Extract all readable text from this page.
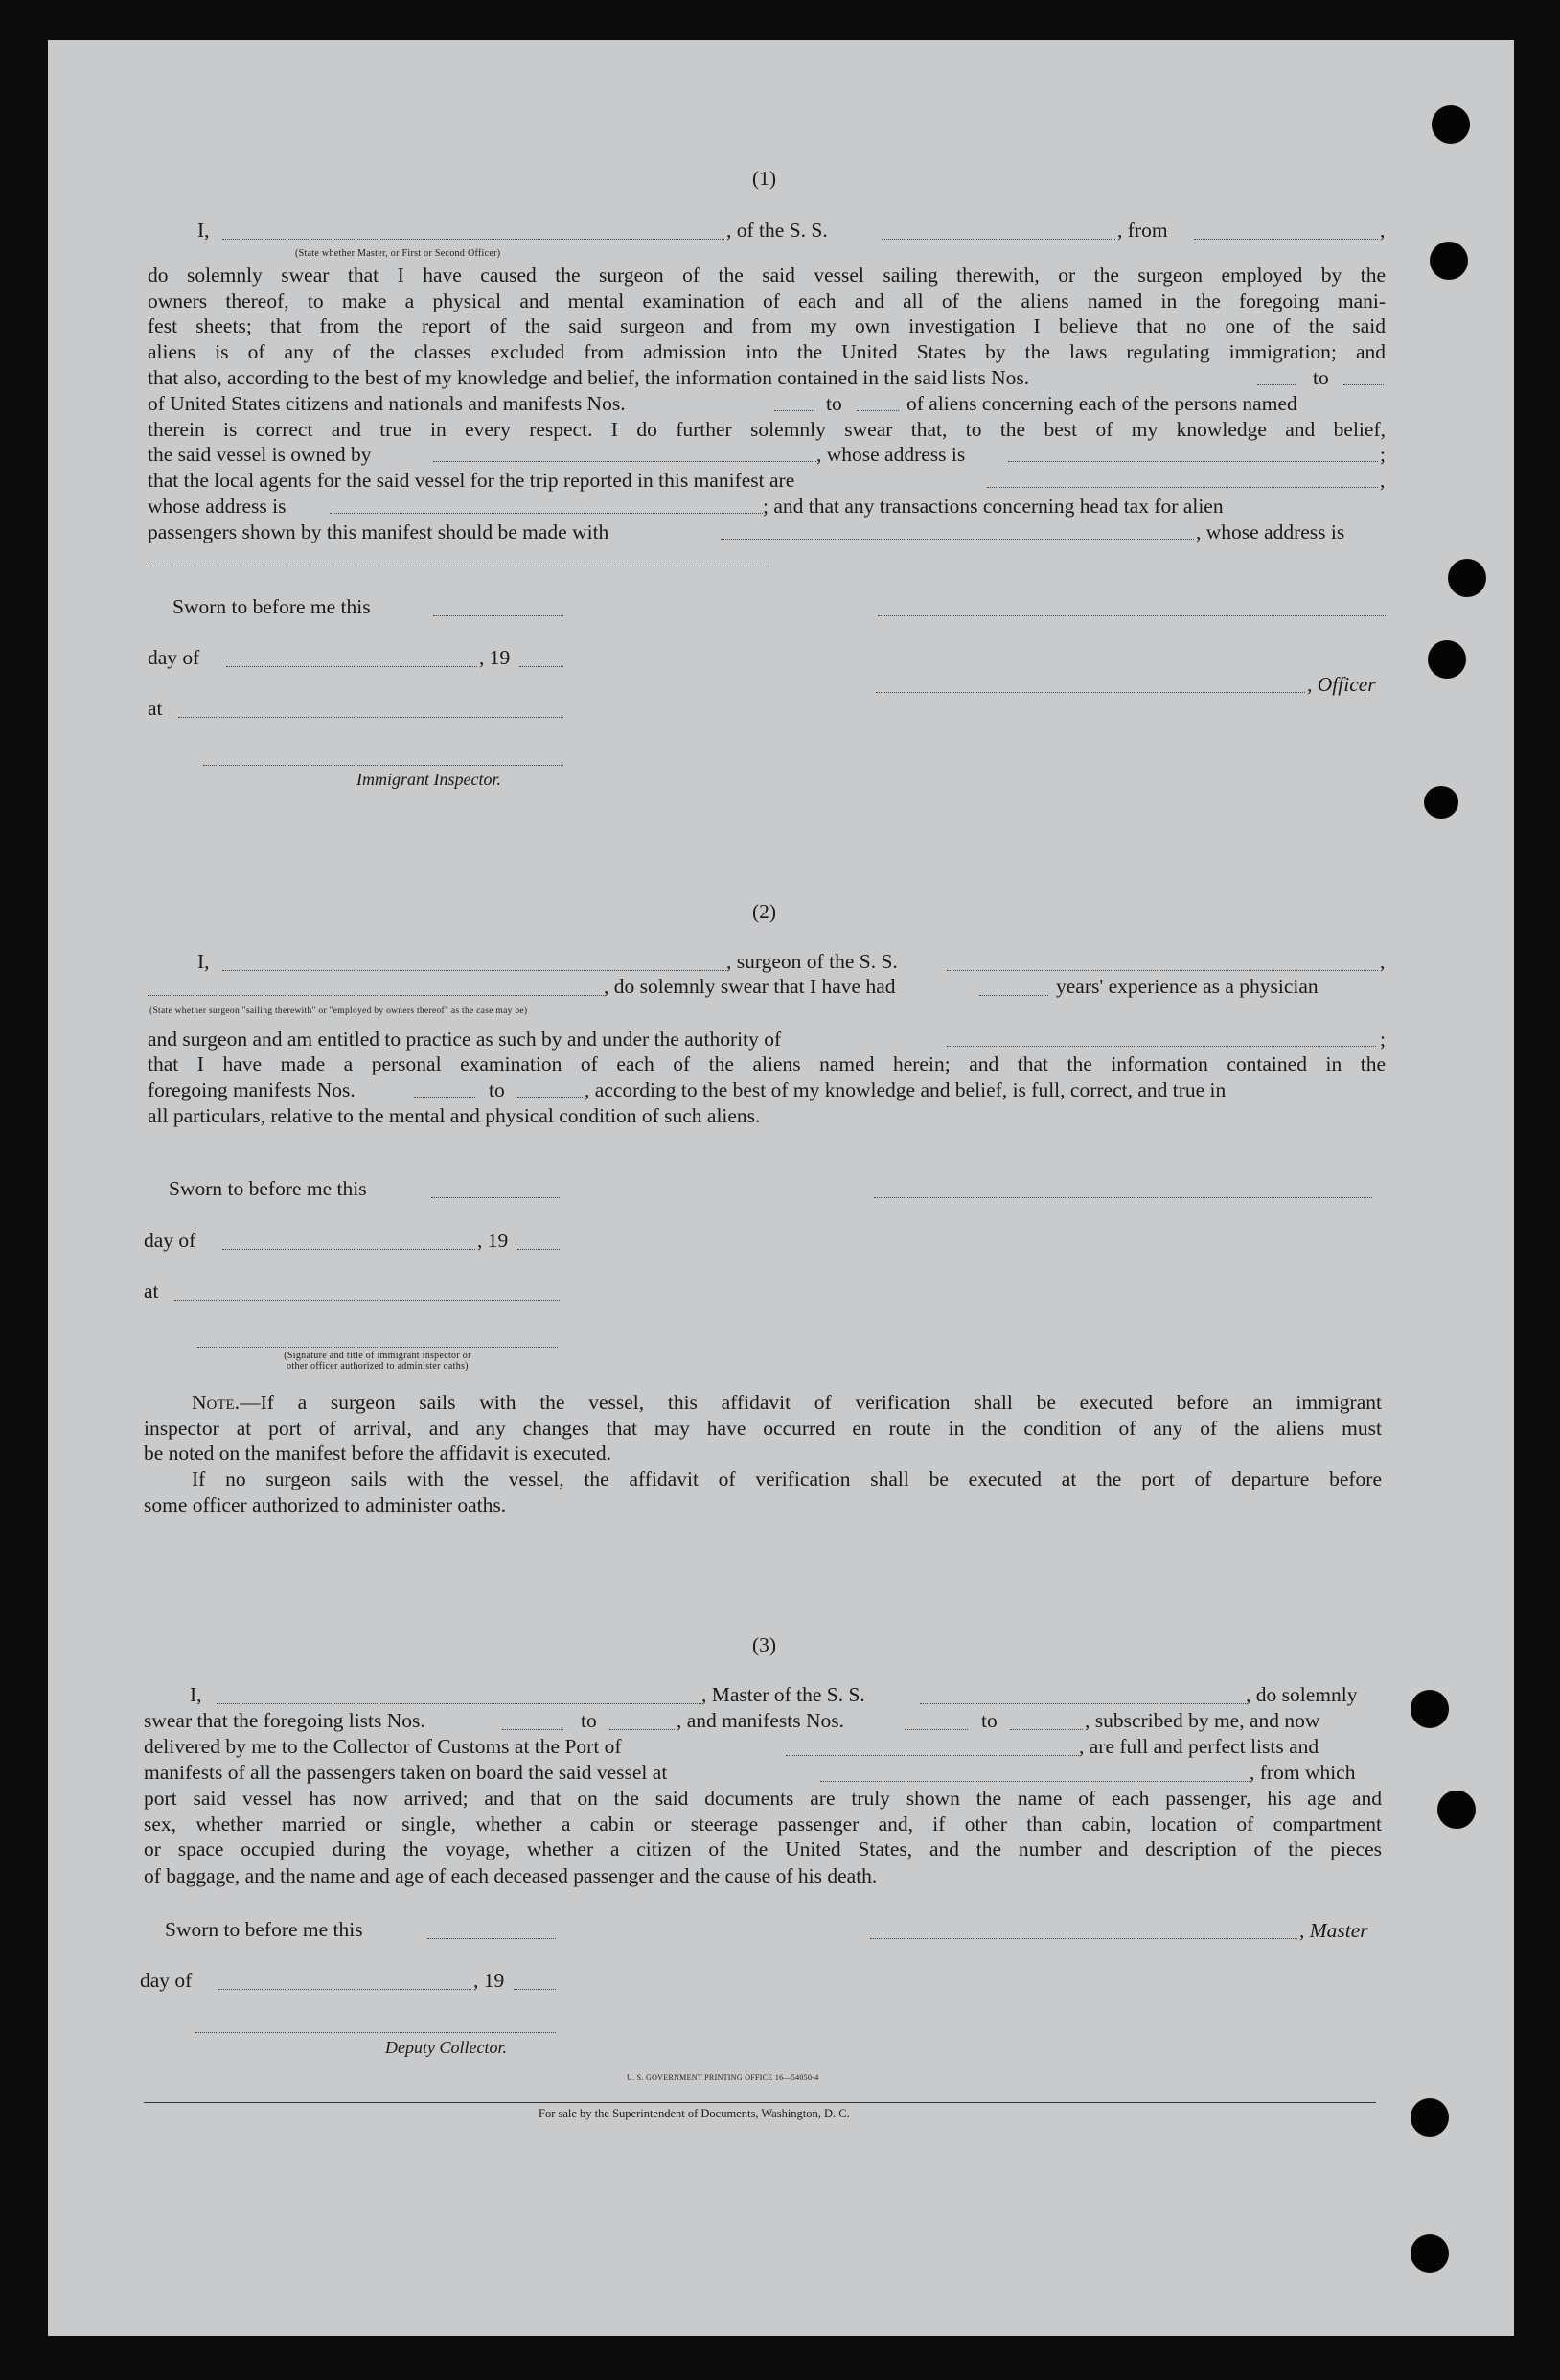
(1)
I,	, of the S. S.	, from	,
(State whether Master, or First or Second Officer)
do solemnly swear that I have caused the surgeon of the said vessel sailing therewith, or the surgeon employed by the
owners thereof, to make a physical and mental examination of each and all of the aliens named in the foregoing mani-
fest sheets; that from the report of the said surgeon and from my own investigation I believe that no one of the said
aliens is of any of the classes excluded from admission into the United States by the laws regulating immigration; and
that also, according to the best of my knowledge and belief, the information contained in the said lists Nos.	to
of United States citizens and nationals and manifests Nos.	to	of aliens concerning each of the persons named
therein is correct and true in every respect. I do further solemnly swear that, to the best of my knowledge and belief,
the said vessel is owned by	, whose address is	;
that the local agents for the said vessel for the trip reported in this manifest are	,
whose address is	; and that any transactions concerning head tax for alien
passengers shown by this manifest should be made with	, whose address is
Sworn to before me this
day of	, 19
, Officer
at
Immigrant Inspector.
(2)
I,	, surgeon of the S. S.	,
, do solemnly swear that I have had	years' experience as a physician
(State whether surgeon "sailing therewith" or "employed by owners thereof" as the case may be)
and surgeon and am entitled to practice as such by and under the authority of	;
that I have made a personal examination of each of the aliens named herein; and that the information contained in the
foregoing manifests Nos.	to	, according to the best of my knowledge and belief, is full, correct, and true in
all particulars, relative to the mental and physical condition of such aliens.
Sworn to before me this
day of	, 19
at
(Signature and title of immigrant inspector or
other officer authorized to administer oaths)
Note.—If a surgeon sails with the vessel, this affidavit of verification shall be executed before an immigrant
inspector at port of arrival, and any changes that may have occurred en route in the condition of any of the aliens must
be noted on the manifest before the affidavit is executed.
If no surgeon sails with the vessel, the affidavit of verification shall be executed at the port of departure before
some officer authorized to administer oaths.
(3)
I,	, Master of the S. S.	, do solemnly
swear that the foregoing lists Nos.	to	, and manifests Nos.	to	, subscribed by me, and now
delivered by me to the Collector of Customs at the Port of	, are full and perfect lists and
manifests of all the passengers taken on board the said vessel at	, from which
port said vessel has now arrived; and that on the said documents are truly shown the name of each passenger, his age and
sex, whether married or single, whether a cabin or steerage passenger and, if other than cabin, location of compartment
or space occupied during the voyage, whether a citizen of the United States, and the number and description of the pieces
of baggage, and the name and age of each deceased passenger and the cause of his death.
Sworn to before me this	, Master
day of	, 19
Deputy Collector.
U. S. GOVERNMENT PRINTING OFFICE 16—54050-4
For sale by the Superintendent of Documents, Washington, D. C.
